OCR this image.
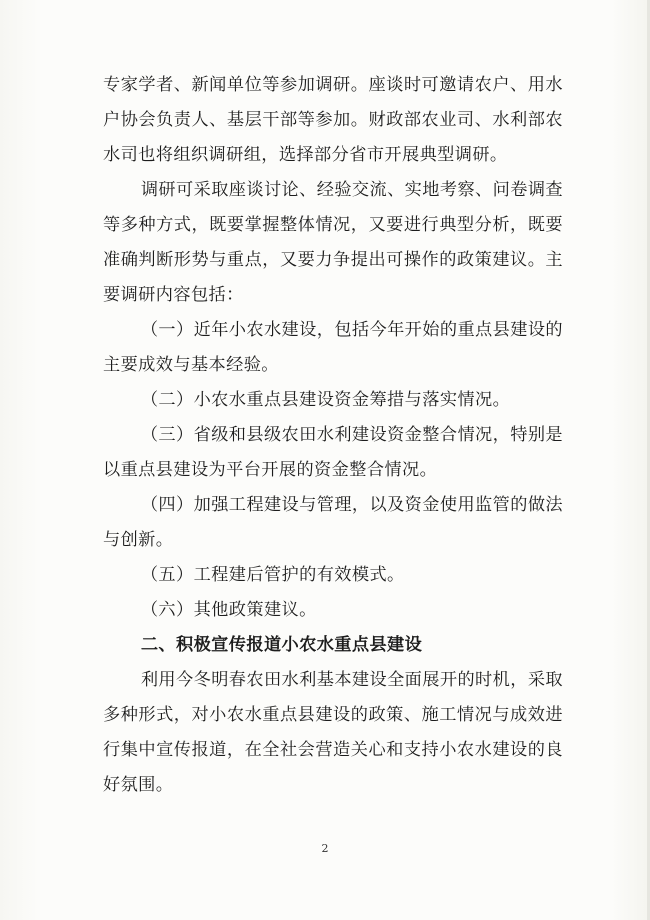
专家学者、新闻单位等参加调研。座谈时可邀请农户、用水户协会负责人、基层干部等参加。财政部农业司、水利部农水司也将组织调研组，选择部分省市开展典型调研。

调研可采取座谈讨论、经验交流、实地考察、问卷调查等多种方式，既要掌握整体情况，又要进行典型分析，既要准确判断形势与重点，又要力争提出可操作的政策建议。主要调研内容包括：

（一）近年小农水建设，包括今年开始的重点县建设的主要成效与基本经验。

（二）小农水重点县建设资金筹措与落实情况。

（三）省级和县级农田水利建设资金整合情况，特别是以重点县建设为平台开展的资金整合情况。

（四）加强工程建设与管理，以及资金使用监管的做法与创新。

（五）工程建后管护的有效模式。

（六）其他政策建议。

二、积极宣传报道小农水重点县建设

利用今冬明春农田水利基本建设全面展开的时机，采取多种形式，对小农水重点县建设的政策、施工情况与成效进行集中宣传报道，在全社会营造关心和支持小农水建设的良好氛围。

2
